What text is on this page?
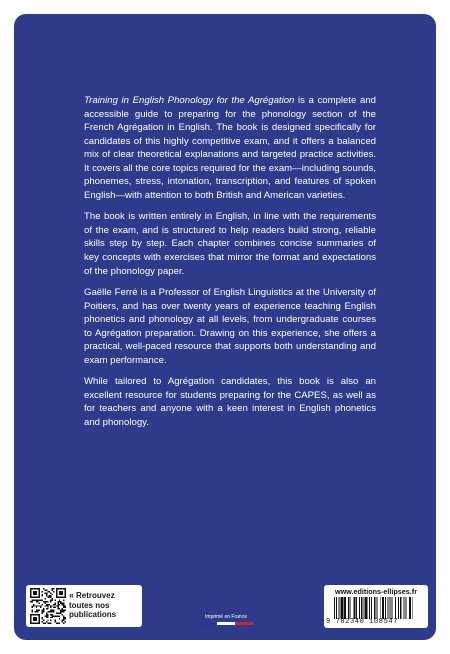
Training in English Phonology for the Agrégation is a complete and accessible guide to preparing for the phonology section of the French Agrégation in English. The book is designed specifically for candidates of this highly competitive exam, and it offers a balanced mix of clear theoretical explanations and targeted practice activities. It covers all the core topics required for the exam—including sounds, phonemes, stress, intonation, transcription, and features of spoken English—with attention to both British and American varieties.

The book is written entirely in English, in line with the requirements of the exam, and is structured to help readers build strong, reliable skills step by step. Each chapter combines concise summaries of key concepts with exercises that mirror the format and expectations of the phonology paper.

Gaëlle Ferré is a Professor of English Linguistics at the University of Poitiers, and has over twenty years of experience teaching English phonetics and phonology at all levels, from undergraduate courses to Agrégation preparation. Drawing on this experience, she offers a practical, well-paced resource that supports both understanding and exam performance.

While tailored to Agrégation candidates, this book is also an excellent resource for students preparing for the CAPES, as well as for teachers and anyone with a keen interest in English phonetics and phonology.

« Retrouvez
toutes nos
publications	Imprimé en France
www.editions-ellipses.fr
9 782340 108547
